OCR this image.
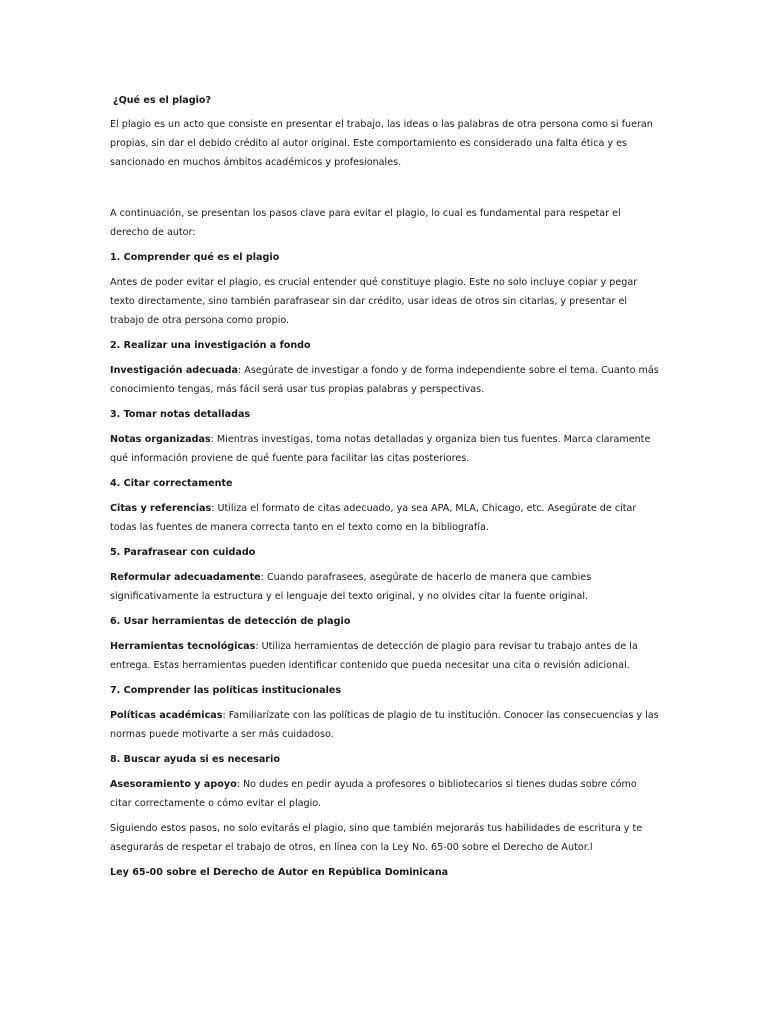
¿Qué es el plagio?

El plagio es un acto que consiste en presentar el trabajo, las ideas o las palabras de otra persona como si fueran propias, sin dar el debido crédito al autor original. Este comportamiento es considerado una falta ética y es sancionado en muchos ámbitos académicos y profesionales.

A continuación, se presentan los pasos clave para evitar el plagio, lo cual es fundamental para respetar el derecho de autor:

1. Comprender qué es el plagio

Antes de poder evitar el plagio, es crucial entender qué constituye plagio. Este no solo incluye copiar y pegar texto directamente, sino también parafrasear sin dar crédito, usar ideas de otros sin citarlas, y presentar el trabajo de otra persona como propio.

2. Realizar una investigación a fondo

Investigación adecuada: Asegúrate de investigar a fondo y de forma independiente sobre el tema. Cuanto más conocimiento tengas, más fácil será usar tus propias palabras y perspectivas.

3. Tomar notas detalladas

Notas organizadas: Mientras investigas, toma notas detalladas y organiza bien tus fuentes. Marca claramente qué información proviene de qué fuente para facilitar las citas posteriores.

4. Citar correctamente

Citas y referencias: Utiliza el formato de citas adecuado, ya sea APA, MLA, Chicago, etc. Asegúrate de citar todas las fuentes de manera correcta tanto en el texto como en la bibliografía.

5. Parafrasear con cuidado

Reformular adecuadamente: Cuando parafrasees, asegúrate de hacerlo de manera que cambies significativamente la estructura y el lenguaje del texto original, y no olvides citar la fuente original.

6. Usar herramientas de detección de plagio

Herramientas tecnológicas: Utiliza herramientas de detección de plagio para revisar tu trabajo antes de la entrega. Estas herramientas pueden identificar contenido que pueda necesitar una cita o revisión adicional.

7. Comprender las políticas institucionales

Políticas académicas: Familiarízate con las políticas de plagio de tu institución. Conocer las consecuencias y las normas puede motivarte a ser más cuidadoso.

8. Buscar ayuda si es necesario

Asesoramiento y apoyo: No dudes en pedir ayuda a profesores o bibliotecarios si tienes dudas sobre cómo citar correctamente o cómo evitar el plagio.

Siguiendo estos pasos, no solo evitarás el plagio, sino que también mejorarás tus habilidades de escritura y te asegurarás de respetar el trabajo de otros, en línea con la Ley No. 65-00 sobre el Derecho de Autor.l

Ley 65-00 sobre el Derecho de Autor en República Dominicana
